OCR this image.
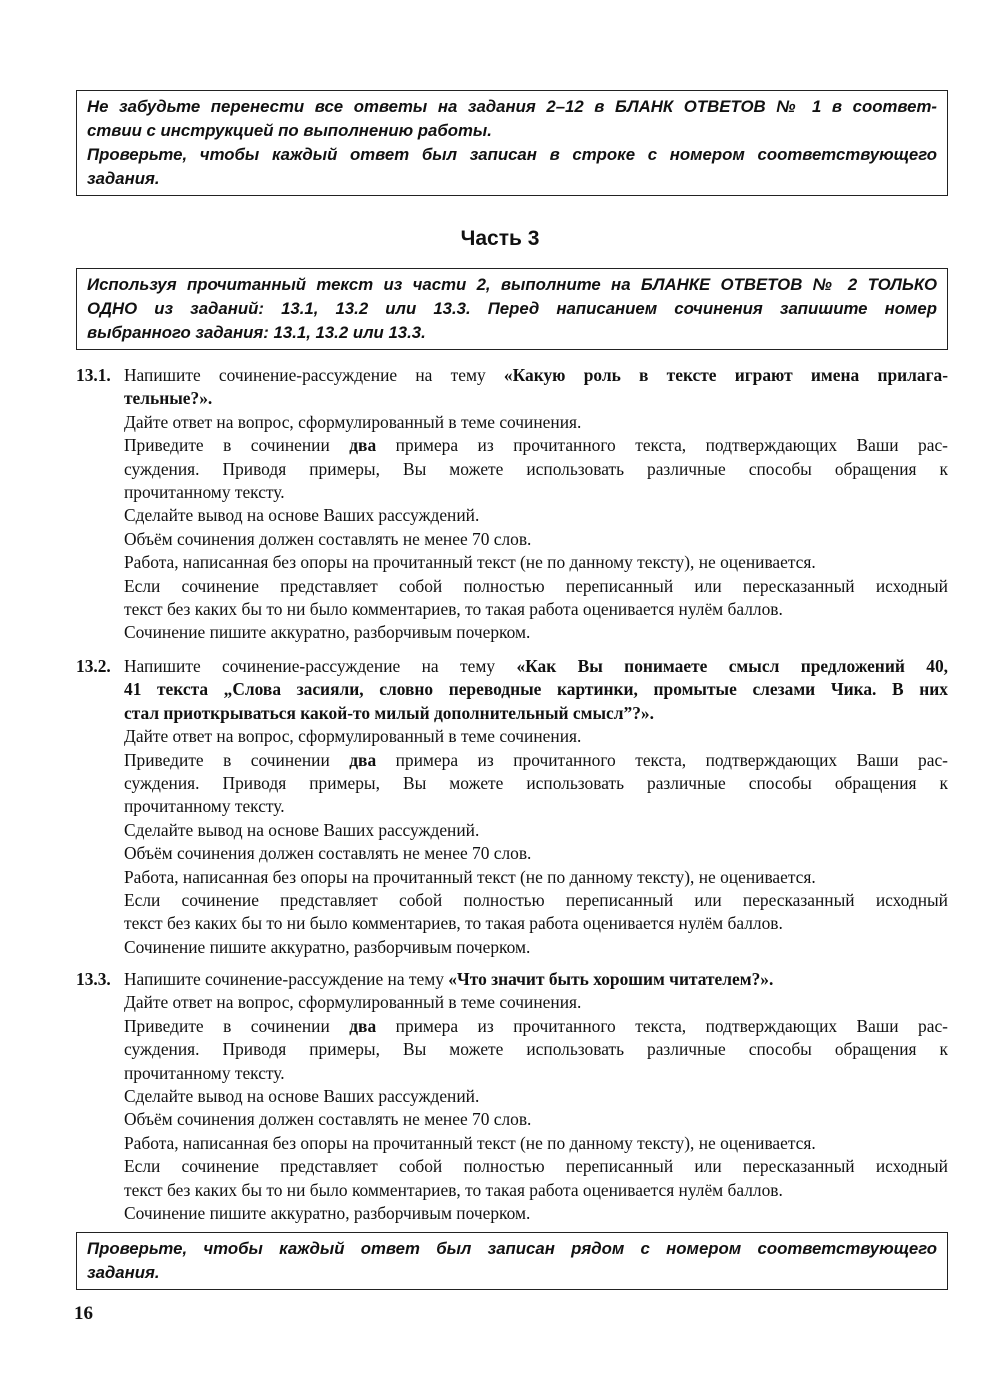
Не забудьте перенести все ответы на задания 2–12 в БЛАНК ОТВЕТОВ № 1 в соответ-
ствии с инструкцией по выполнению работы.
Проверьте, чтобы каждый ответ был записан в строке с номером соответствующего
задания.
Часть 3
Используя прочитанный текст из части 2, выполните на БЛАНКЕ ОТВЕТОВ № 2 ТОЛЬКО
ОДНО из заданий: 13.1, 13.2 или 13.3. Перед написанием сочинения запишите номер
выбранного задания: 13.1, 13.2 или 13.3.
13.1. Напишите сочинение-рассуждение на тему «Какую роль в тексте играют имена прилага-
тельные?».
Дайте ответ на вопрос, сформулированный в теме сочинения.
Приведите в сочинении два примера из прочитанного текста, подтверждающих Ваши рас-
суждения. Приводя примеры, Вы можете использовать различные способы обращения к
прочитанному тексту.
Сделайте вывод на основе Ваших рассуждений.
Объём сочинения должен составлять не менее 70 слов.
Работа, написанная без опоры на прочитанный текст (не по данному тексту), не оценивается.
Если сочинение представляет собой полностью переписанный или пересказанный исходный
текст без каких бы то ни было комментариев, то такая работа оценивается нулём баллов.
Сочинение пишите аккуратно, разборчивым почерком.
13.2. Напишите сочинение-рассуждение на тему «Как Вы понимаете смысл предложений 40,
41 текста „Слова засияли, словно переводные картинки, промытые слезами Чика. В них
стал приоткрываться какой-то милый дополнительный смысл”?».
Дайте ответ на вопрос, сформулированный в теме сочинения.
Приведите в сочинении два примера из прочитанного текста, подтверждающих Ваши рас-
суждения. Приводя примеры, Вы можете использовать различные способы обращения к
прочитанному тексту.
Сделайте вывод на основе Ваших рассуждений.
Объём сочинения должен составлять не менее 70 слов.
Работа, написанная без опоры на прочитанный текст (не по данному тексту), не оценивается.
Если сочинение представляет собой полностью переписанный или пересказанный исходный
текст без каких бы то ни было комментариев, то такая работа оценивается нулём баллов.
Сочинение пишите аккуратно, разборчивым почерком.
13.3. Напишите сочинение-рассуждение на тему «Что значит быть хорошим читателем?».
Дайте ответ на вопрос, сформулированный в теме сочинения.
Приведите в сочинении два примера из прочитанного текста, подтверждающих Ваши рас-
суждения. Приводя примеры, Вы можете использовать различные способы обращения к
прочитанному тексту.
Сделайте вывод на основе Ваших рассуждений.
Объём сочинения должен составлять не менее 70 слов.
Работа, написанная без опоры на прочитанный текст (не по данному тексту), не оценивается.
Если сочинение представляет собой полностью переписанный или пересказанный исходный
текст без каких бы то ни было комментариев, то такая работа оценивается нулём баллов.
Сочинение пишите аккуратно, разборчивым почерком.
Проверьте, чтобы каждый ответ был записан рядом с номером соответствующего
задания.
16
